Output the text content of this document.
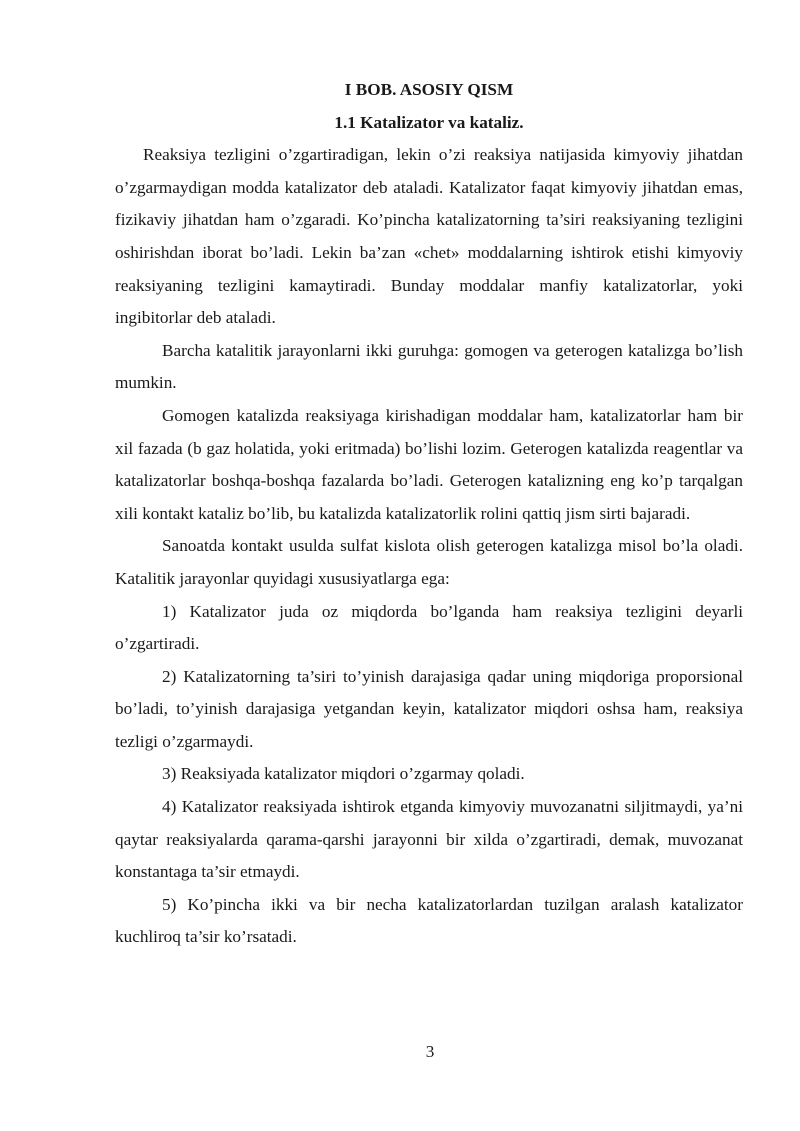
I BOB. ASOSIY QISM

1.1 Katalizator va kataliz.

Reaksiya tezligini o’zgartiradigan, lekin o’zi reaksiya natijasida kimyoviy jihatdan o’zgarmaydigan modda katalizator deb ataladi. Katalizator faqat kimyoviy jihatdan emas, fizikaviy jihatdan ham o’zgaradi. Ko’pincha katalizatorning ta’siri reaksiyaning tezligini oshirishdan iborat bo’ladi. Lekin ba’zan «chet» moddalarning ishtirok etishi kimyoviy reaksiyaning tezligini kamaytiradi. Bunday moddalar manfiy katalizatorlar, yoki ingibitorlar deb ataladi.

Barcha katalitik jarayonlarni ikki guruhga: gomogen va geterogen katalizga bo’lish mumkin.

Gomogen katalizda reaksiyaga kirishadigan moddalar ham, katalizatorlar ham bir xil fazada (b gaz holatida, yoki eritmada) bo’lishi lozim. Geterogen katalizda reagentlar va katalizatorlar boshqa-boshqa fazalarda bo’ladi. Geterogen katalizning eng ko’p tarqalgan xili kontakt kataliz bo’lib, bu katalizda katalizatorlik rolini qattiq jism sirti bajaradi.

Sanoatda kontakt usulda sulfat kislota olish geterogen katalizga misol bo’la oladi. Katalitik jarayonlar quyidagi xususiyatlarga ega:

1) Katalizator juda oz miqdorda bo’lganda ham reaksiya tezligini deyarli o’zgartiradi.

2) Katalizatorning ta’siri to’yinish darajasiga qadar uning miqdoriga proporsional bo’ladi, to’yinish darajasiga yetgandan keyin, katalizator miqdori oshsa ham, reaksiya tezligi o’zgarmaydi.

3) Reaksiyada katalizator miqdori o’zgarmay qoladi.

4) Katalizator reaksiyada ishtirok etganda kimyoviy muvozanatni siljitmaydi, ya’ni qaytar reaksiyalarda qarama-qarshi jarayonni bir xilda o’zgartiradi, demak, muvozanat konstantaga ta’sir etmaydi.

5) Ko’pincha ikki va bir necha katalizatorlardan tuzilgan aralash katalizator kuchliroq ta’sir ko’rsatadi.

3
